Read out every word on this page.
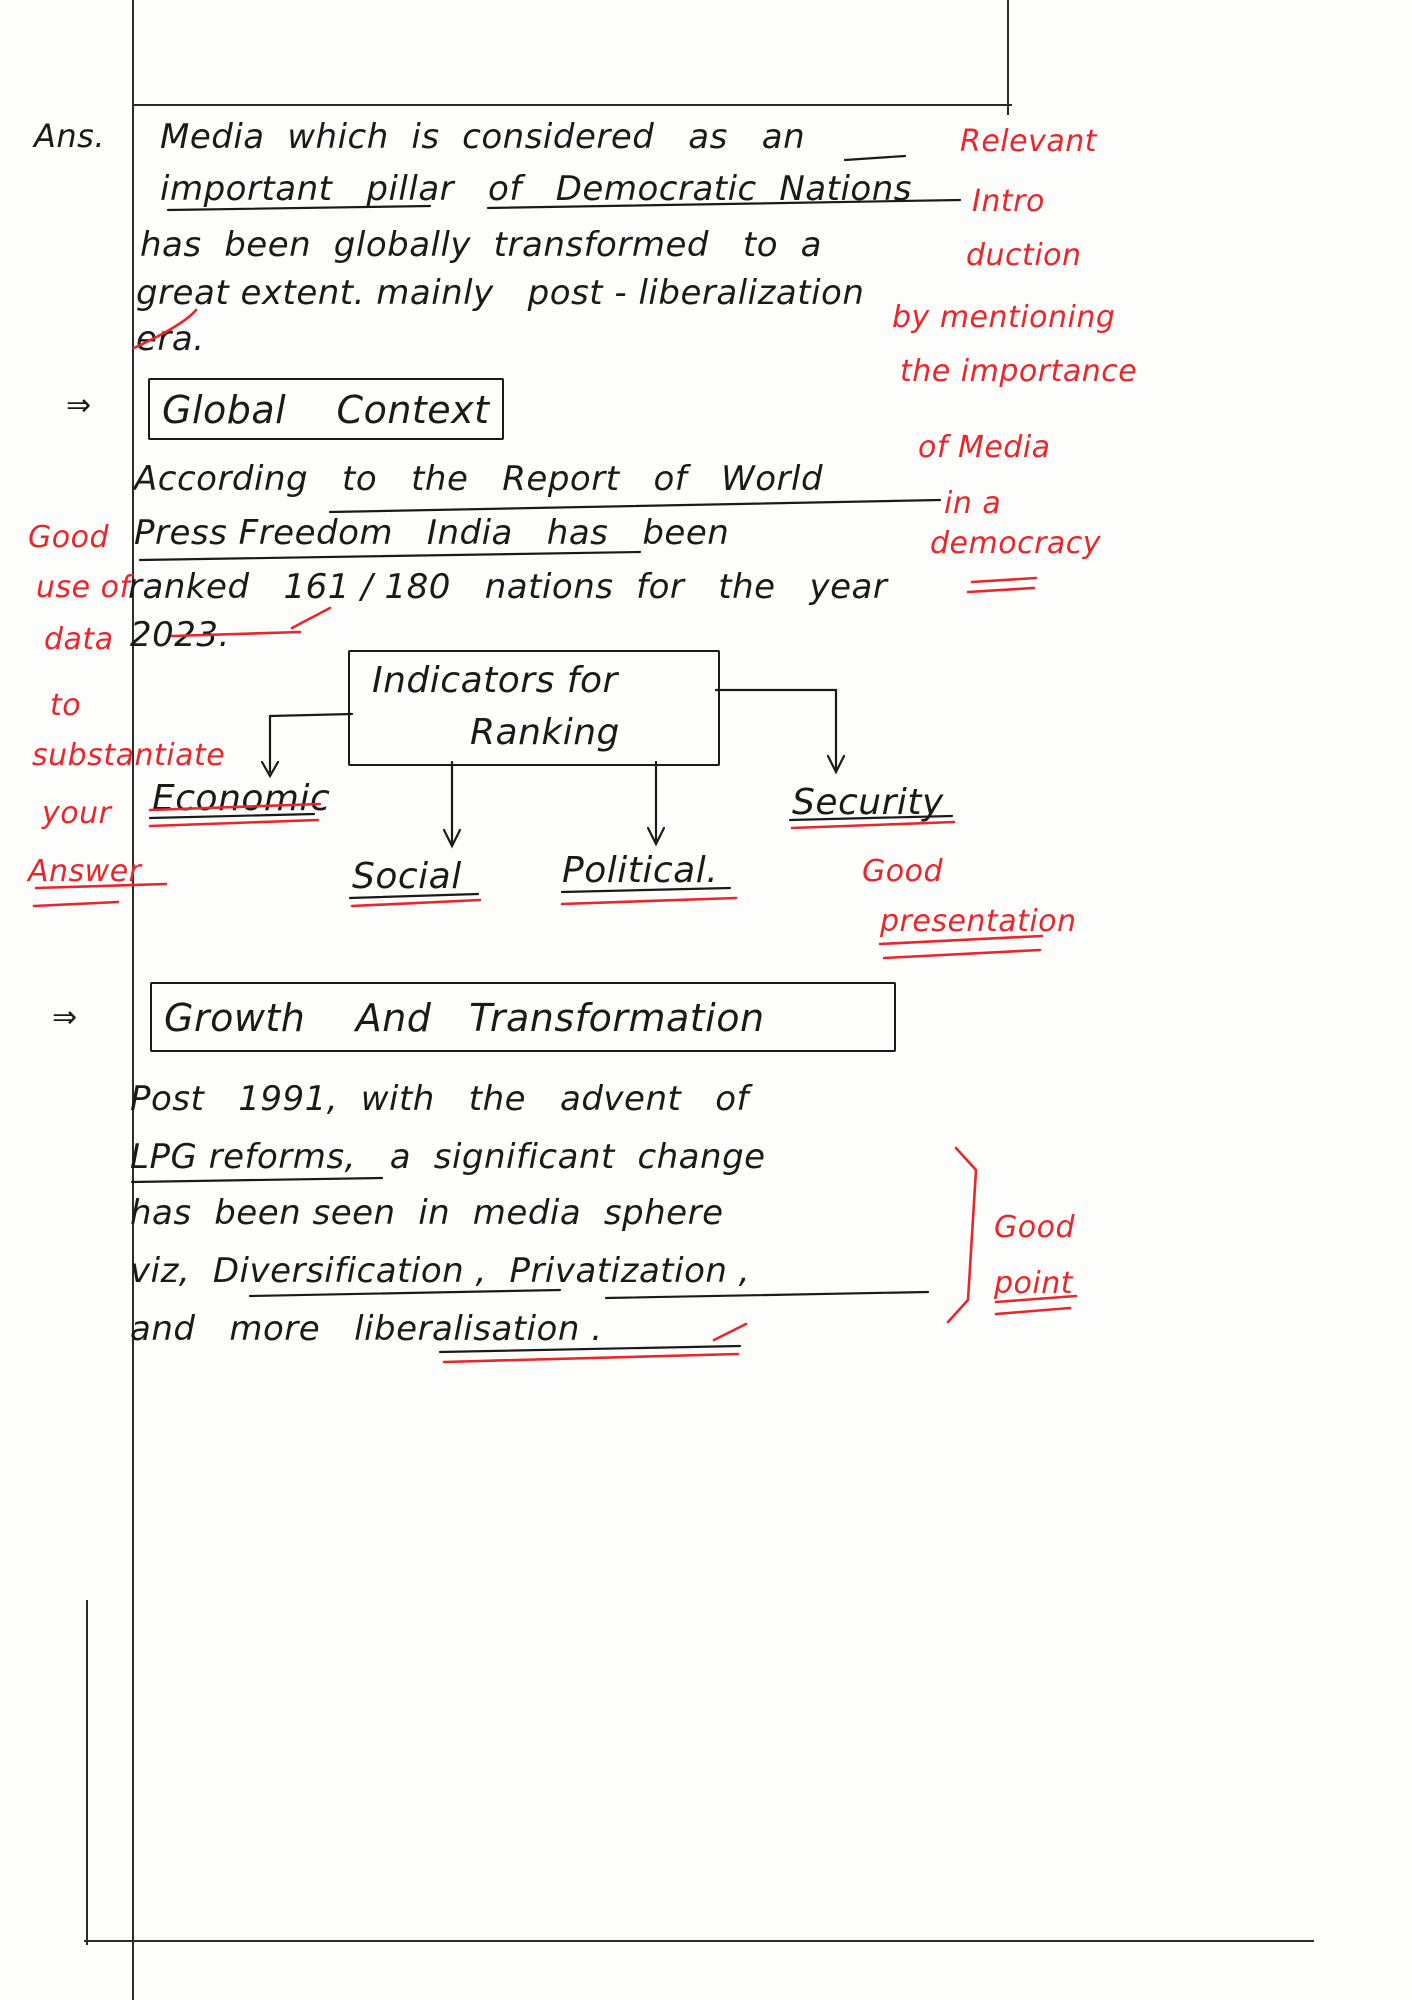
Ans. Media  which  is  considered   as   an
important   pillar   of   Democratic  Nations
has  been  globally  transformed   to  a
great extent. mainly   post - liberalization
era.
⇒ Global    Context
According   to   the   Report   of   World
Press Freedom   India   has   been
ranked   161 / 180   nations  for   the   year
2023.
Indicators for
Ranking
Economic
Social	Political.
Security
⇒ Growth    And   Transformation
Post   1991,  with   the   advent   of
LPG reforms,   a  significant  change
has  been seen  in  media  sphere
viz,  Diversification ,  Privatization ,
and   more   liberalisation .
Relevant
Intro
duction
by mentioning
the importance
of Media
in a
democracy
Good
use of
data
to
substantiate
your
Answer	Good
presentation
Good
point
